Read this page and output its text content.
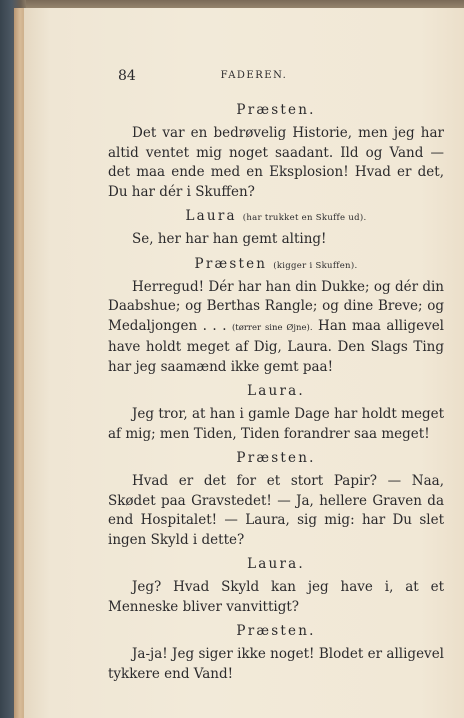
84	FADEREN.
Præsten.

Det var en bedrøvelig Historie, men jeg har altid ventet mig noget saadant. Ild og Vand — det maa ende med en Eksplosion! Hvad er det, Du har dér i Skuffen?

Laura (har trukket en Skuffe ud).

Se, her har han gemt alting!

Præsten (kigger i Skuffen).

Herregud! Dér har han din Dukke; og dér din Daabshue; og Berthas Rangle; og dine Breve; og Medaljongen . . . (tørrer sine Øjne). Han maa alligevel have holdt meget af Dig, Laura. Den Slags Ting har jeg saamænd ikke gemt paa!

Laura.

Jeg tror, at han i gamle Dage har holdt meget af mig; men Tiden, Tiden forandrer saa meget!

Præsten.

Hvad er det for et stort Papir? — Naa, Skødet paa Gravstedet! — Ja, hellere Graven da end Hospitalet! — Laura, sig mig: har Du slet ingen Skyld i dette?

Laura.

Jeg? Hvad Skyld kan jeg have i, at et Menneske bliver vanvittigt?

Præsten.

Ja-ja! Jeg siger ikke noget! Blodet er alligevel tykkere end Vand!
